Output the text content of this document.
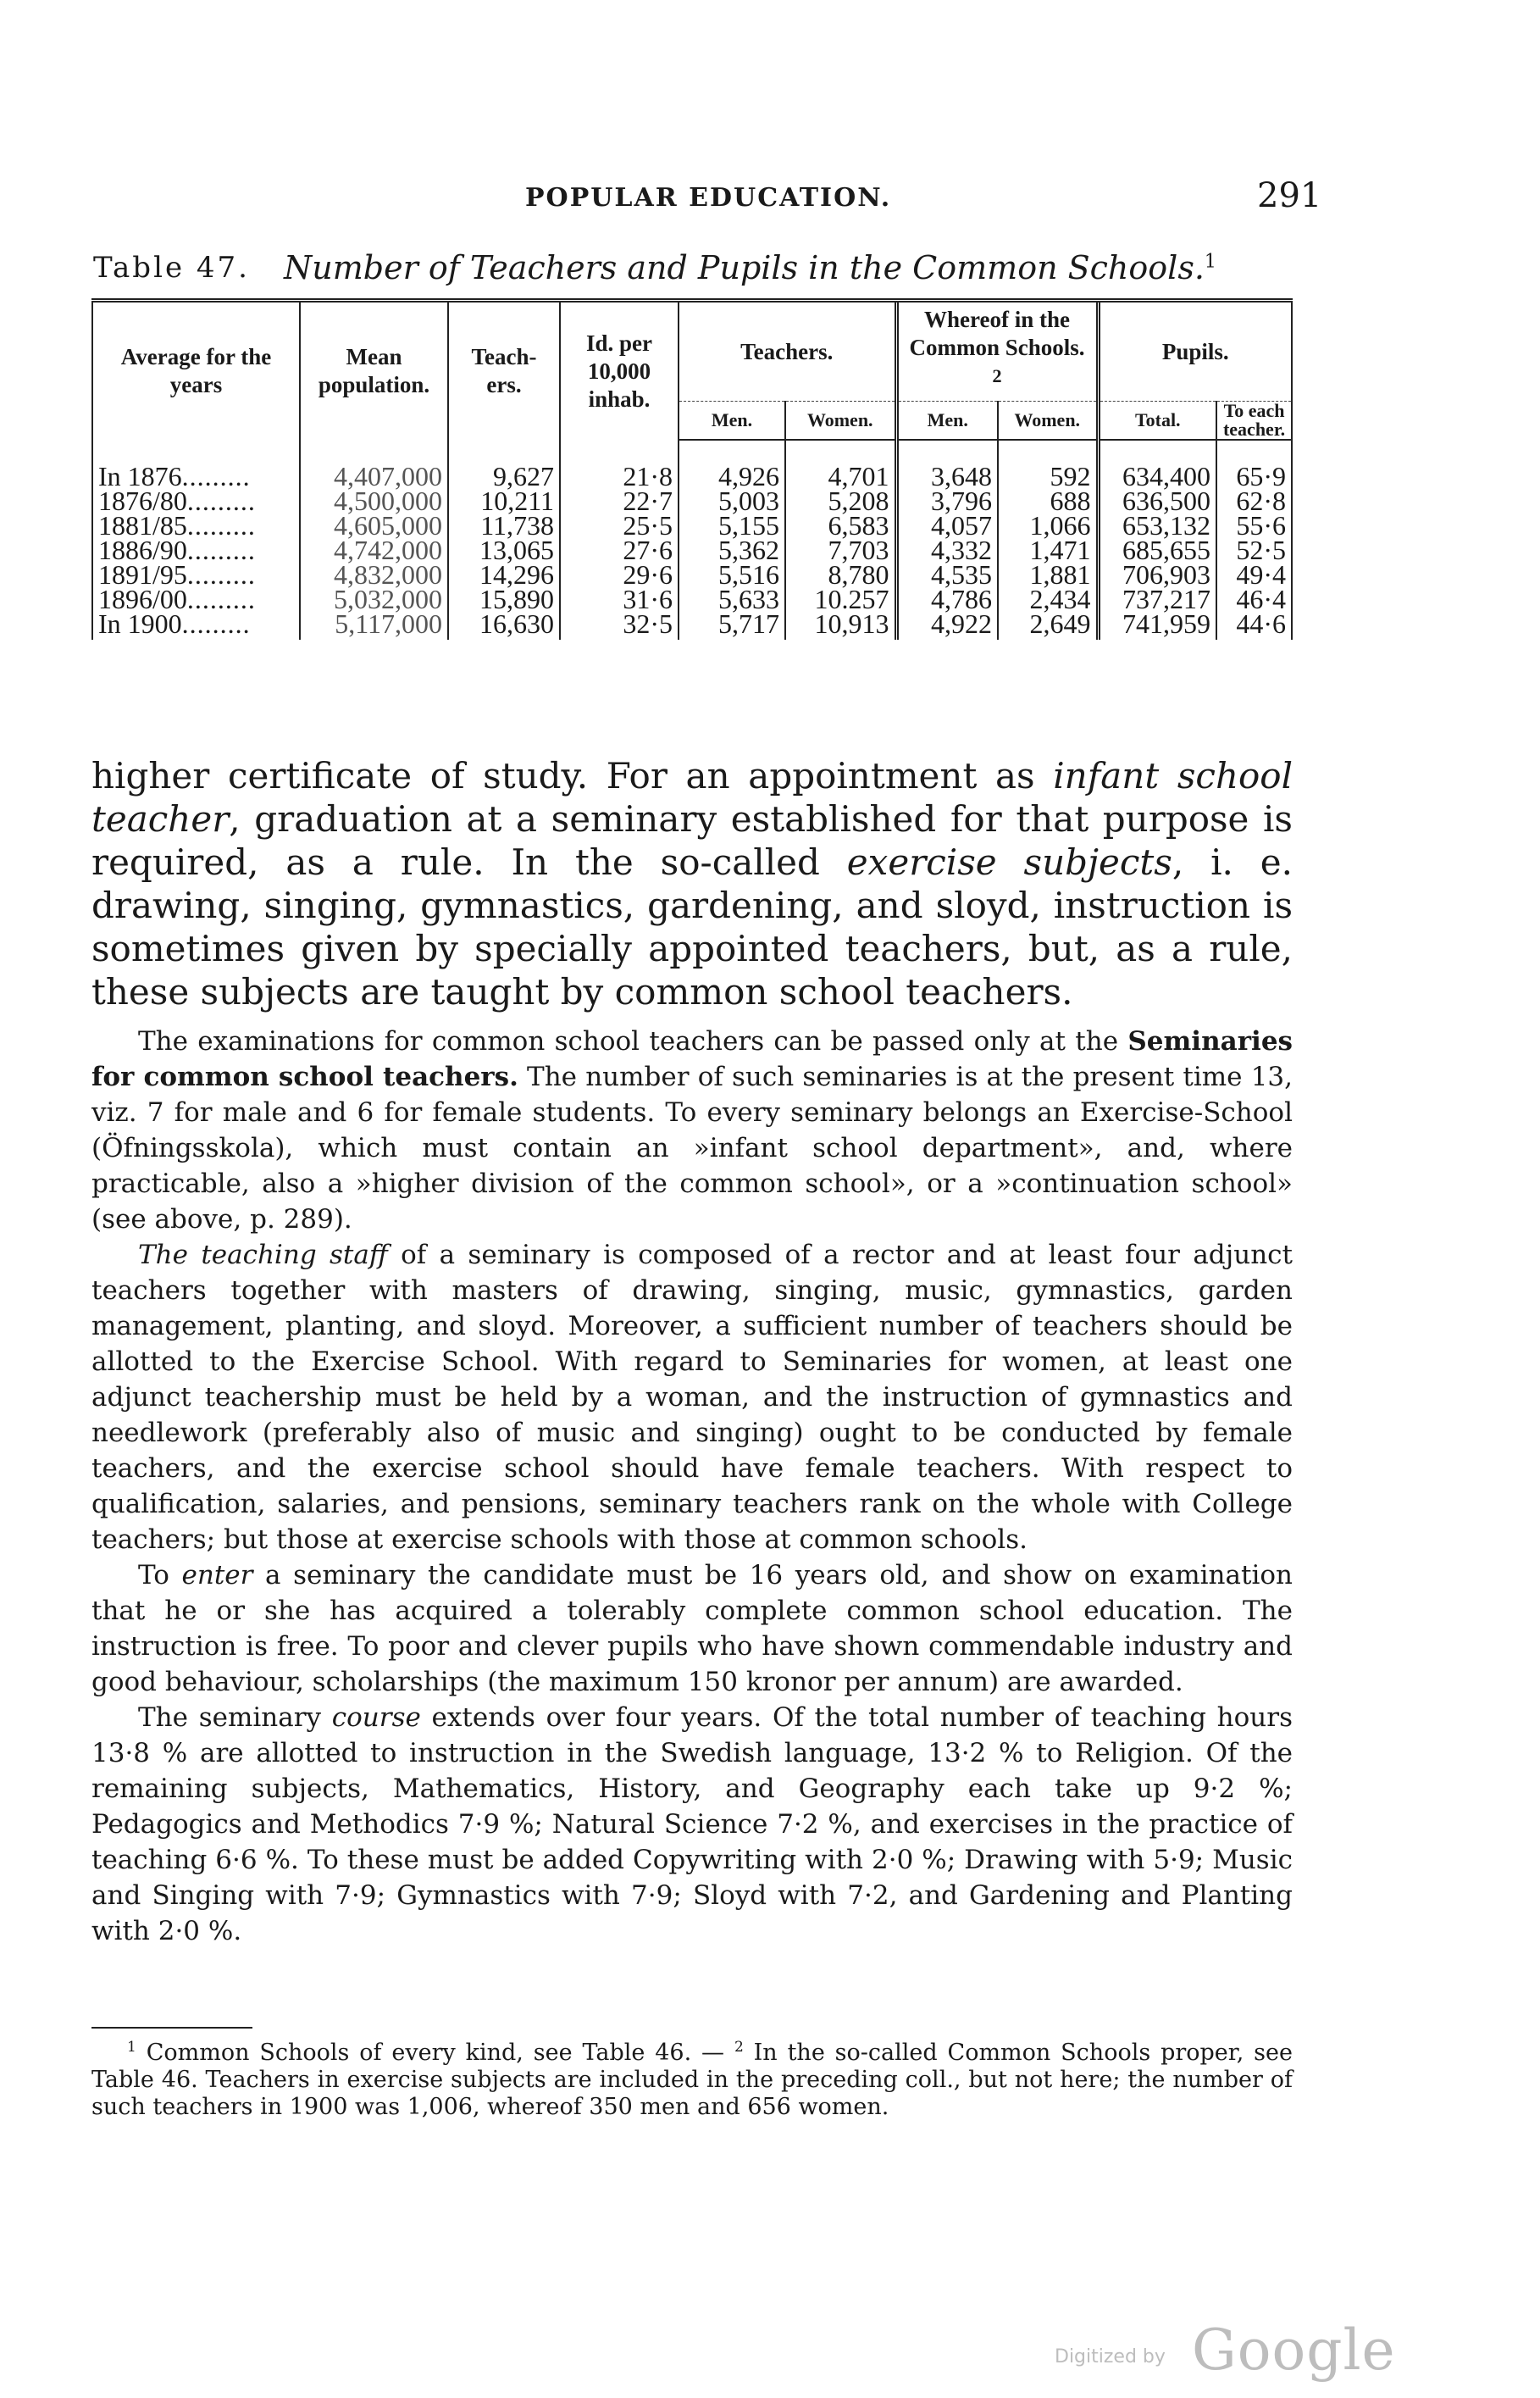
POPULAR EDUCATION.	291
Table 47. Number of Teachers and Pupils in the Common Schools.$^1$
Average for the years	Mean population.	Teach-ers.	Id. per 10,000 inhab.	Teachers.		Whereof in the Common Schools. $^2$		Pupils.	
				Men.	Women.	Men.	Women.	Total.	To each teacher.

In 1876.........	4,407,000	9,627	21·8	4,926	4,701	3,648	592	634,400	65·9
1876/80.........	4,500,000	10,211	22·7	5,003	5,208	3,796	688	636,500	62·8
1881/85.........	4,605,000	11,738	25·5	5,155	6,583	4,057	1,066	653,132	55·6
1886/90.........	4,742,000	13,065	27·6	5,362	7,703	4,332	1,471	685,655	52·5
1891/95.........	4,832,000	14,296	29·6	5,516	8,780	4,535	1,881	706,903	49·4
1896/00.........	5,032,000	15,890	31·6	5,633	10.257	4,786	2,434	737,217	46·4
In 1900.........	5,117,000	16,630	32·5	5,717	10,913	4,922	2,649	741,959	44·6

higher certificate of study. For an appointment as infant school teacher, graduation at a seminary established for that purpose is required, as a rule. In the so-called exercise subjects, i. e. drawing, singing, gymnastics, gardening, and sloyd, instruction is sometimes given by specially appointed teachers, but, as a rule, these subjects are taught by common school teachers.

The examinations for common school teachers can be passed only at the Seminaries for common school teachers. The number of such seminaries is at the present time 13, viz. 7 for male and 6 for female students. To every seminary belongs an Exercise-School (Öfningsskola), which must contain an »infant school department», and, where practicable, also a »higher division of the common school», or a »continuation school» (see above, p. 289).

The teaching staff of a seminary is composed of a rector and at least four adjunct teachers together with masters of drawing, singing, music, gymnastics, garden management, planting, and sloyd. Moreover, a sufficient number of teachers should be allotted to the Exercise School. With regard to Seminaries for women, at least one adjunct teachership must be held by a woman, and the instruction of gymnastics and needlework (preferably also of music and singing) ought to be conducted by female teachers, and the exercise school should have female teachers. With respect to qualification, salaries, and pensions, seminary teachers rank on the whole with College teachers; but those at exercise schools with those at common schools.

To enter a seminary the candidate must be 16 years old, and show on examination that he or she has acquired a tolerably complete common school education. The instruction is free. To poor and clever pupils who have shown commendable industry and good behaviour, scholarships (the maximum 150 kronor per annum) are awarded.

The seminary course extends over four years. Of the total number of teaching hours 13·8 % are allotted to instruction in the Swedish language, 13·2 % to Religion. Of the remaining subjects, Mathematics, History, and Geography each take up 9·2 %; Pedagogics and Methodics 7·9 %; Natural Science 7·2 %, and exercises in the practice of teaching 6·6 %. To these must be added Copywriting with 2·0 %; Drawing with 5·9; Music and Singing with 7·9; Gymnastics with 7·9; Sloyd with 7·2, and Gardening and Planting with 2·0 %.

$^1$ Common Schools of every kind, see Table 46. — $^2$ In the so-called Common Schools proper, see Table 46. Teachers in exercise subjects are included in the preceding coll., but not here; the number of such teachers in 1900 was 1,006, whereof 350 men and 656 women.

Digitized by Google
